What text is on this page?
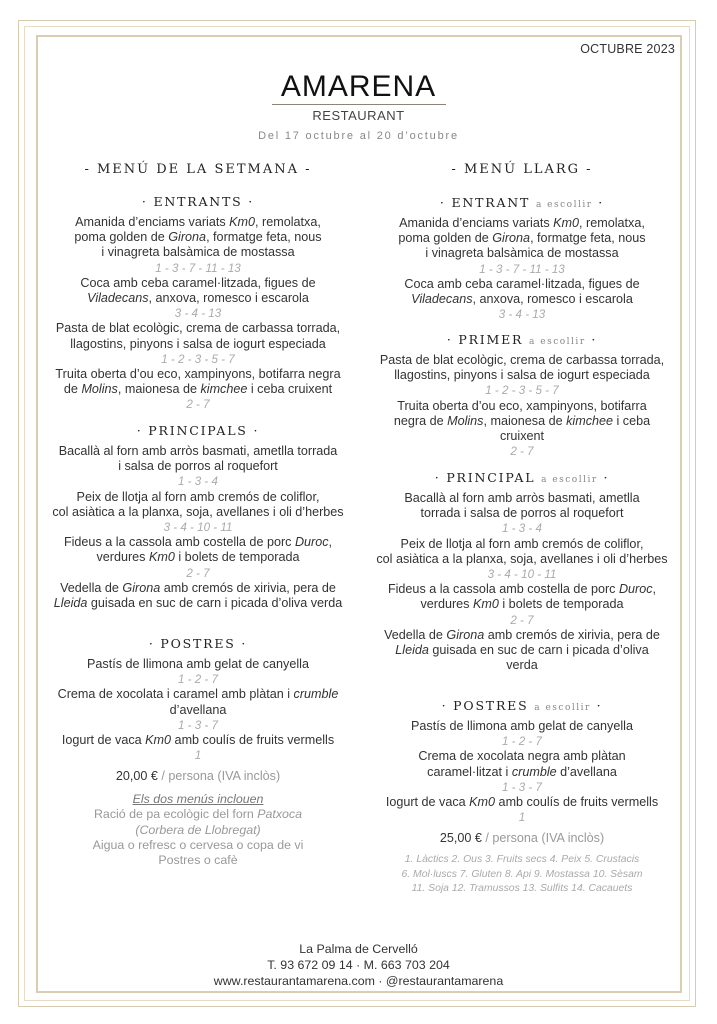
OCTUBRE 2023
AMARENA
RESTAURANT
Del 17 octubre al 20 d’octubre
- MENÚ DE LA SETMANA -
· ENTRANTS ·
Amanida d’enciams variats Km0, remolatxa,
poma golden de Girona, formatge feta, nous
i vinagreta balsàmica de mostassa
1 - 3 - 7 - 11 - 13
Coca amb ceba caramel·litzada, figues de
Viladecans, anxova, romesco i escarola
3 - 4 - 13
Pasta de blat ecològic, crema de carbassa torrada,
llagostins, pinyons i salsa de iogurt especiada
1 - 2 - 3 - 5 - 7
Truita oberta d’ou eco, xampinyons, botifarra negra
de Molins, maionesa de kimchee i ceba cruixent
2 - 7
· PRINCIPALS ·
Bacallà al forn amb arròs basmati, ametlla torrada
i salsa de porros al roquefort
1 - 3 - 4
Peix de llotja al forn amb cremós de coliflor,
col asiàtica a la planxa, soja, avellanes i oli d’herbes
3 - 4 - 10 - 11
Fideus a la cassola amb costella de porc Duroc,
verdures Km0 i bolets de temporada
2 - 7
Vedella de Girona amb cremós de xirivia, pera de
Lleida guisada en suc de carn i picada d’oliva verda
· POSTRES ·
Pastís de llimona amb gelat de canyella
1 - 2 - 7
Crema de xocolata i caramel amb plàtan i crumble
d’avellana
1 - 3 - 7
Iogurt de vaca Km0 amb coulís de fruits vermells
1
20,00 € / persona (IVA inclòs)
Els dos menús inclouen
Ració de pa ecològic del forn Patxoca
(Corbera de Llobregat)
Aigua o refresc o cervesa o copa de vi
Postres o cafè
- MENÚ LLARG -
· ENTRANT a escollir ·
Amanida d’enciams variats Km0, remolatxa,
poma golden de Girona, formatge feta, nous
i vinagreta balsàmica de mostassa
1 - 3 - 7 - 11 - 13
Coca amb ceba caramel·litzada, figues de
Viladecans, anxova, romesco i escarola
3 - 4 - 13
· PRIMER a escollir ·
Pasta de blat ecològic, crema de carbassa torrada,
llagostins, pinyons i salsa de iogurt especiada
1 - 2 - 3 - 5 - 7
Truita oberta d’ou eco, xampinyons, botifarra
negra de Molins, maionesa de kimchee i ceba
cruixent
2 - 7
· PRINCIPAL a escollir ·
Bacallà al forn amb arròs basmati, ametlla
torrada i salsa de porros al roquefort
1 - 3 - 4
Peix de llotja al forn amb cremós de coliflor,
col asiàtica a la planxa, soja, avellanes i oli d’herbes
3 - 4 - 10 - 11
Fideus a la cassola amb costella de porc Duroc,
verdures Km0 i bolets de temporada
2 - 7
Vedella de Girona amb cremós de xirivia, pera de
Lleida guisada en suc de carn i picada d’oliva
verda
· POSTRES a escollir ·
Pastís de llimona amb gelat de canyella
1 - 2 - 7
Crema de xocolata negra amb plàtan
caramel·litzat i crumble d’avellana
1 - 3 - 7
Iogurt de vaca Km0 amb coulís de fruits vermells
1
25,00 € / persona (IVA inclòs)
1. Làctics 2. Ous 3. Fruits secs 4. Peix 5. Crustacis
6. Mol·luscs 7. Gluten 8. Api 9. Mostassa 10. Sèsam
11. Soja 12. Tramussos 13. Sulfits 14. Cacauets
La Palma de Cervelló
T. 93 672 09 14 · M. 663 703 204
www.restaurantamarena.com · @restaurantamarena
